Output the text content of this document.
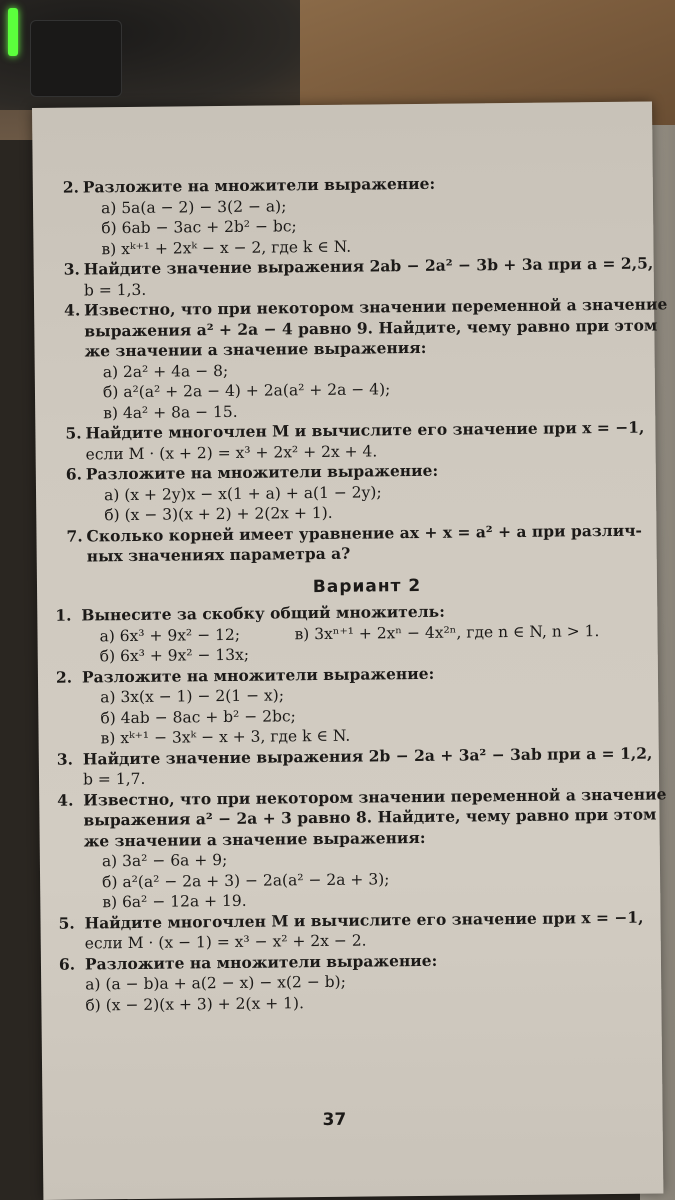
2. Разложите на множители выражение:
а) 5a(a − 2) − 3(2 − a);
б) 6ab − 3ac + 2b² − bc;
в) xᵏ⁺¹ + 2xᵏ − x − 2, где k ∈ N.
3. Найдите значение выражения 2ab − 2a² − 3b + 3a при a = 2,5,
b = 1,3.
4. Известно, что при некотором значении переменной a значение
выражения a² + 2a − 4 равно 9. Найдите, чему равно при этом
же значении a значение выражения:
а) 2a² + 4a − 8;
б) a²(a² + 2a − 4) + 2a(a² + 2a − 4);
в) 4a² + 8a − 15.
5. Найдите многочлен M и вычислите его значение при x = −1,
если M · (x + 2) = x³ + 2x² + 2x + 4.
6. Разложите на множители выражение:
а) (x + 2y)x − x(1 + a) + a(1 − 2y);
б) (x − 3)(x + 2) + 2(2x + 1).
7. Сколько корней имеет уравнение ax + x = a² + a при различ-
ных значениях параметра a?
Вариант 2
1. Вынесите за скобку общий множитель:
а) 6x³ + 9x² − 12;	в) 3xⁿ⁺¹ + 2xⁿ − 4x²ⁿ, где n ∈ N, n > 1.
б) 6x³ + 9x² − 13x;
2. Разложите на множители выражение:
а) 3x(x − 1) − 2(1 − x);
б) 4ab − 8ac + b² − 2bc;
в) xᵏ⁺¹ − 3xᵏ − x + 3, где k ∈ N.
3. Найдите значение выражения 2b − 2a + 3a² − 3ab при a = 1,2,
b = 1,7.
4. Известно, что при некотором значении переменной a значение
выражения a² − 2a + 3 равно 8. Найдите, чему равно при этом
же значении a значение выражения:
а) 3a² − 6a + 9;
б) a²(a² − 2a + 3) − 2a(a² − 2a + 3);
в) 6a² − 12a + 19.
5. Найдите многочлен M и вычислите его значение при x = −1,
если M · (x − 1) = x³ − x² + 2x − 2.
6. Разложите на множители выражение:
а) (a − b)a + a(2 − x) − x(2 − b);
б) (x − 2)(x + 3) + 2(x + 1).
37
